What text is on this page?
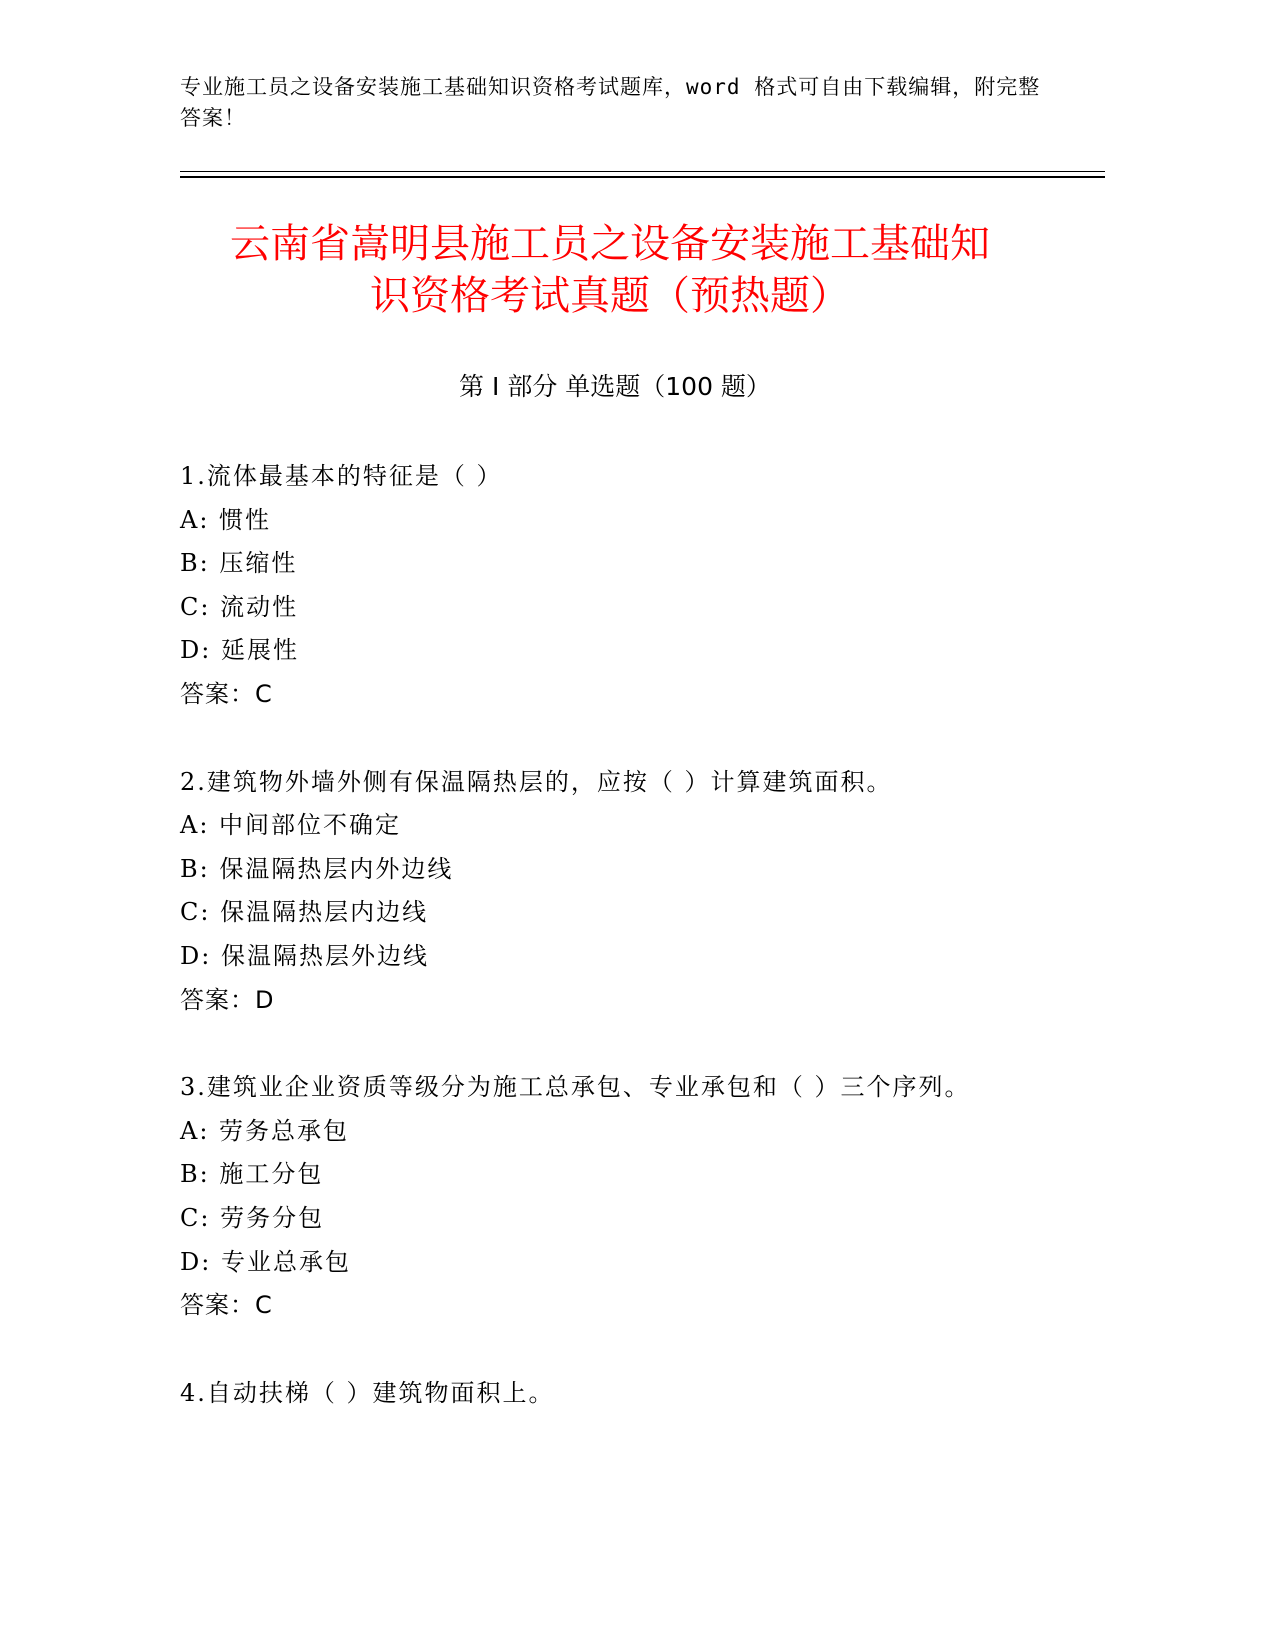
专业施工员之设备安装施工基础知识资格考试题库，word 格式可自由下载编辑，附完整答案！
云南省嵩明县施工员之设备安装施工基础知
识资格考试真题（预热题）
第 I 部分 单选题（100 题）
1.流体最基本的特征是（ ）
A: 惯性
B: 压缩性
C: 流动性
D: 延展性
答案：C
2.建筑物外墙外侧有保温隔热层的，应按（ ）计算建筑面积。
A: 中间部位不确定
B: 保温隔热层内外边线
C: 保温隔热层内边线
D: 保温隔热层外边线
答案：D
3.建筑业企业资质等级分为施工总承包、专业承包和（ ）三个序列。
A: 劳务总承包
B: 施工分包
C: 劳务分包
D: 专业总承包
答案：C
4.自动扶梯（ ）建筑物面积上。
